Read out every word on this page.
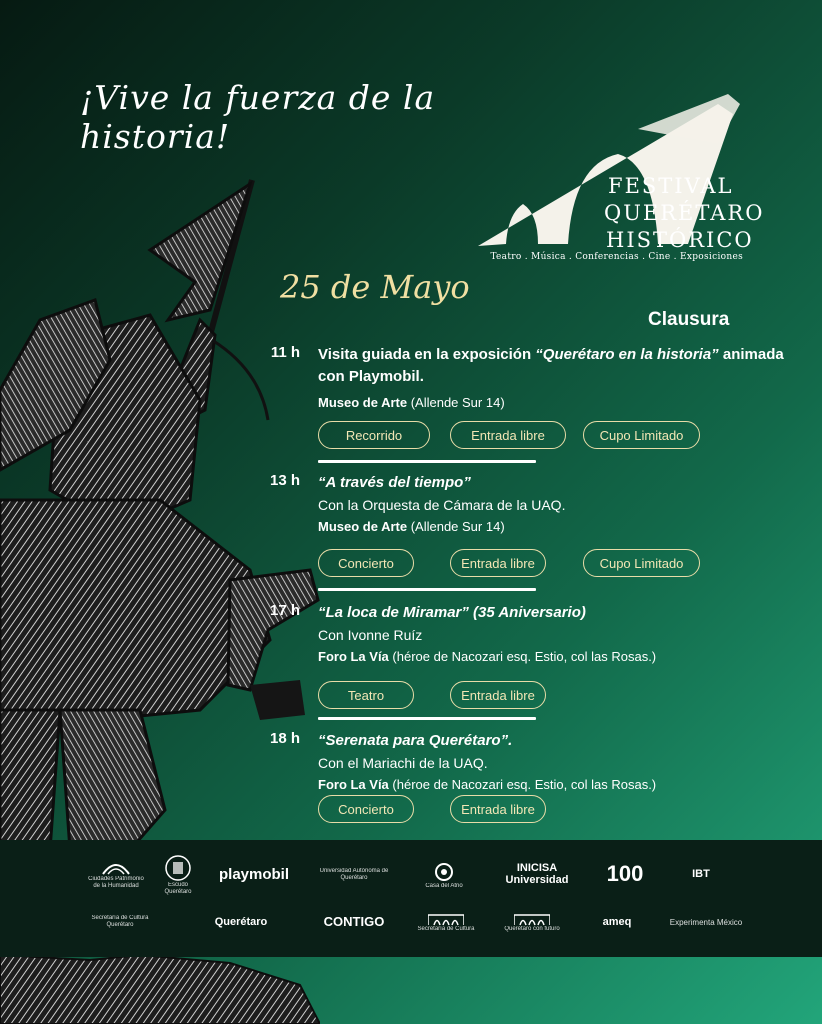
¡Vive la fuerza de la historia!
FESTIVAL
QUERÉTARO
HISTÓRICO
Teatro . Música . Conferencias . Cine . Exposiciones
25 de Mayo
Clausura
11 h Visita guiada en la exposición “Querétaro en la historia” animada con Playmobil.
Museo de Arte (Allende Sur 14)
Recorrido	Entrada libre	Cupo Limitado
13 h “A través del tiempo”
Con la Orquesta de Cámara de la UAQ.
Museo de Arte (Allende Sur 14)
Concierto	Entrada libre	Cupo Limitado
17 h “La loca de Miramar” (35 Aniversario)
Con Ivonne Ruíz
Foro La Vía (héroe de Nacozari esq. Estio, col las Rosas.)
Teatro	Entrada libre
18 h “Serenata para Querétaro”.
Con el Mariachi de la UAQ.
Foro La Vía (héroe de Nacozari esq. Estio, col las Rosas.)
Concierto	Entrada libre
Ciudades Patrimonio de la Humanidad	Escudo Querétaro
playmobil	Universidad Autónoma de Querétaro
Casa del Atrio
INICISA Universidad	100	IBT
Secretaría de Cultura Querétaro	Querétaro	CONTIGO	Secretaría de Cultura	Querétaro con futuro
ameq	Experimenta México
